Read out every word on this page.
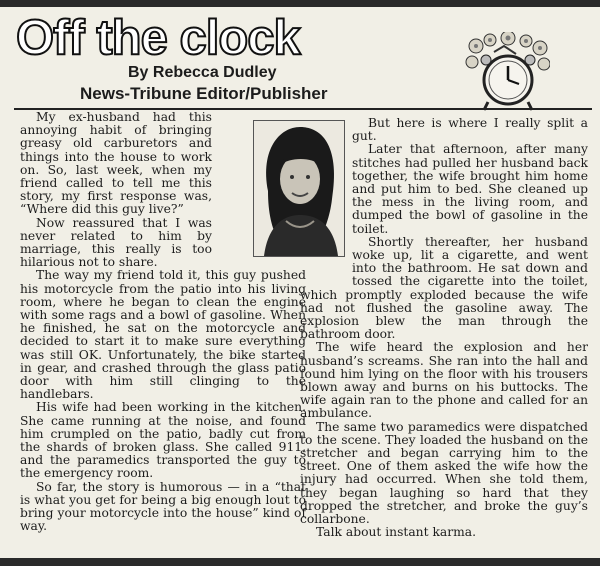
Off the clock
By Rebecca Dudley
News-Tribune Editor/Publisher

My ex-husband had this annoying habit of bringing greasy old carburetors and things into the house to work on. So, last week, when my friend called to tell me this story, my first response was, “Where did this guy live?”

Now reassured that I was never related to him by marriage, this really is too hilarious not to share.

The way my friend told it, this guy pushed his motorcycle from the patio into his living room, where he began to clean the engine with some rags and a bowl of gasoline. When he finished, he sat on the motorcycle and decided to start it to make sure everything was still OK. Unfortunately, the bike started in gear, and crashed through the glass patio door with him still clinging to the handlebars.

His wife had been working in the kitchen. She came running at the noise, and found him crumpled on the patio, badly cut from the shards of broken glass. She called 911, and the paramedics transported the guy to the emergency room.

So far, the story is humorous — in a “that is what you get for being a big enough lout to bring your motorcycle into the house” kind of way.

But here is where I really split a gut.

Later that afternoon, after many stitches had pulled her husband back together, the wife brought him home and put him to bed. She cleaned up the mess in the living room, and dumped the bowl of gasoline in the toilet.

Shortly thereafter, her husband woke up, lit a cigarette, and went into the bathroom. He sat down and tossed the cigarette into the toilet, which promptly exploded because the wife had not flushed the gasoline away. The explosion blew the man through the bathroom door.

The wife heard the explosion and her husband’s screams. She ran into the hall and found him lying on the floor with his trousers blown away and burns on his buttocks. The wife again ran to the phone and called for an ambulance.

The same two paramedics were dispatched to the scene. They loaded the husband on the stretcher and began carrying him to the street. One of them asked the wife how the injury had occurred. When she told them, they began laughing so hard that they dropped the stretcher, and broke the guy’s collarbone.

Talk about instant karma.
